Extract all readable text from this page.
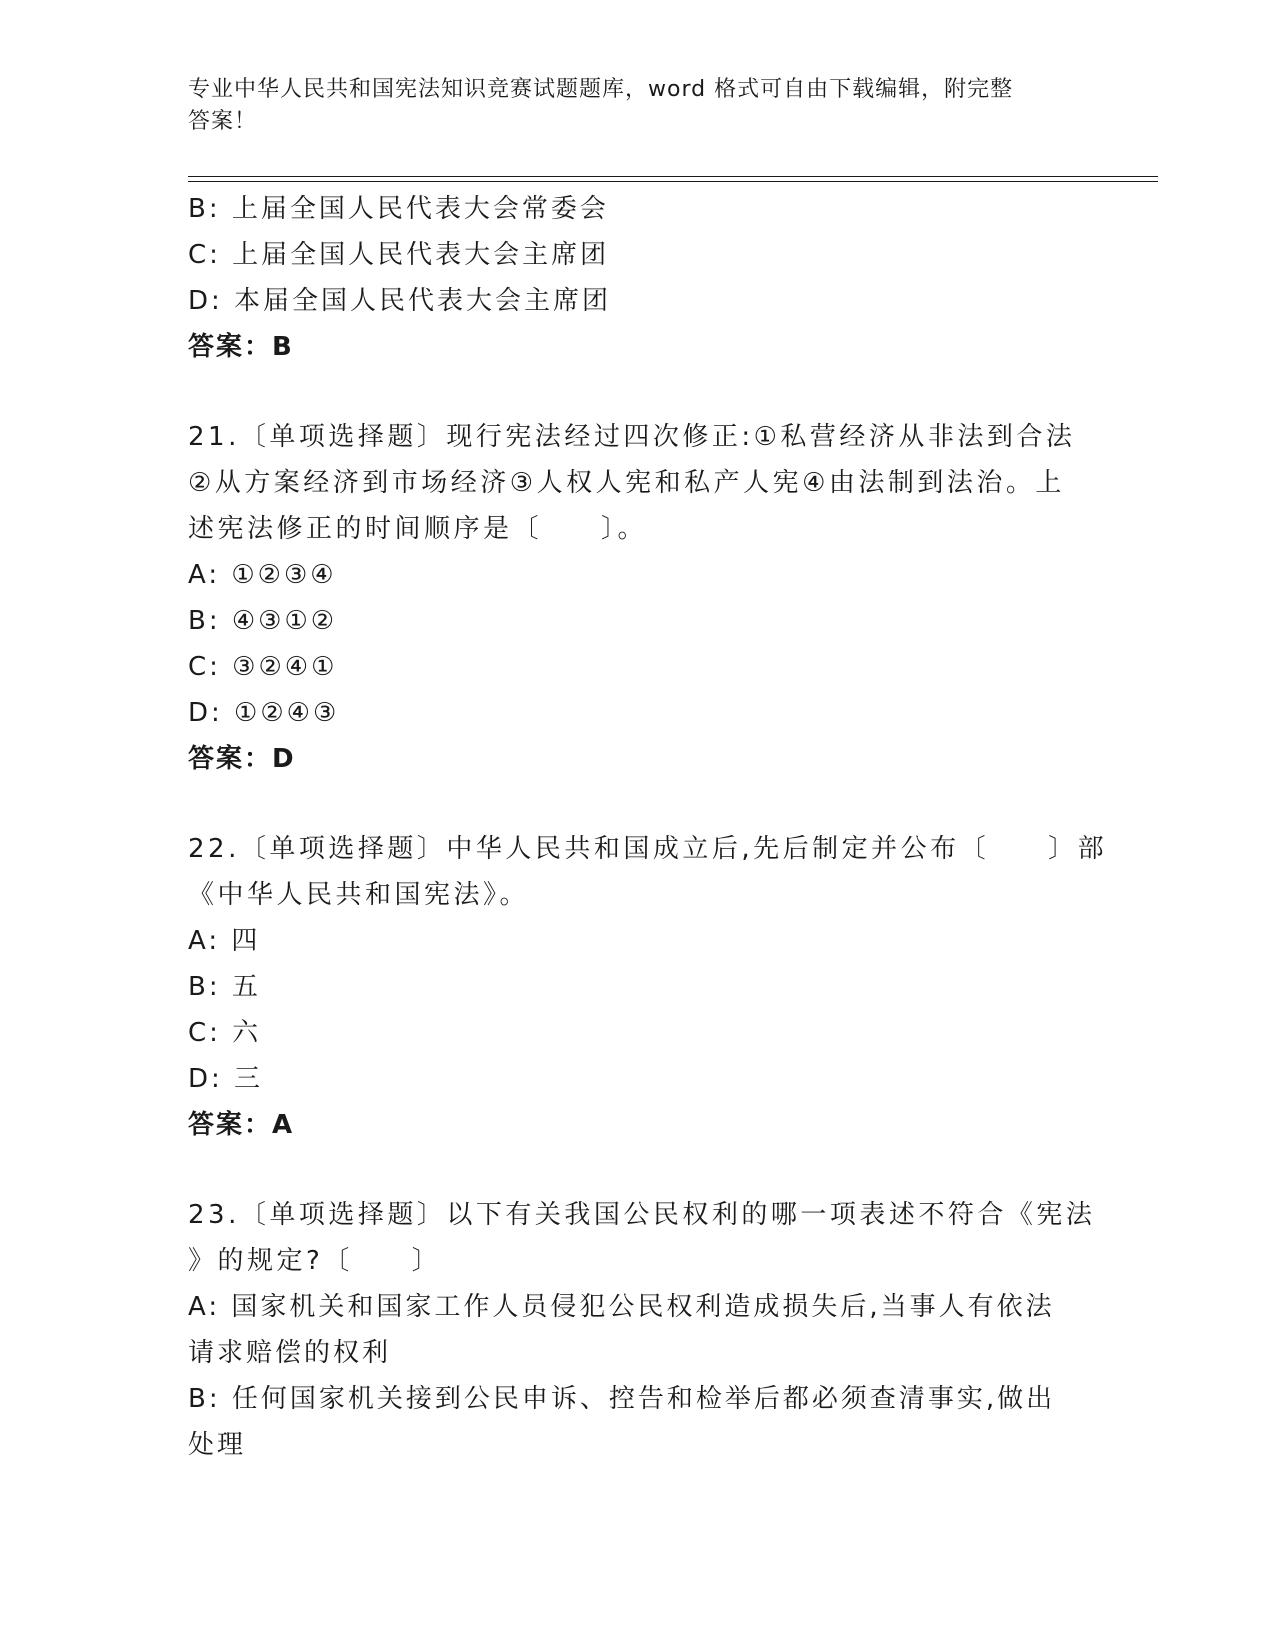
专业中华人民共和国宪法知识竞赛试题题库，word 格式可自由下载编辑，附完整
答案！
B: 上届全国人民代表大会常委会
C: 上届全国人民代表大会主席团
D: 本届全国人民代表大会主席团
答案：B
21.〔单项选择题〕现行宪法经过四次修正:①私营经济从非法到合法
②从方案经济到市场经济③人权人宪和私产人宪④由法制到法治。上
述宪法修正的时间顺序是〔　　〕。
A: ①②③④
B: ④③①②
C: ③②④①
D: ①②④③
答案：D
22.〔单项选择题〕中华人民共和国成立后,先后制定并公布〔　　〕部
《中华人民共和国宪法》。
A: 四
B: 五
C: 六
D: 三
答案：A
23.〔单项选择题〕以下有关我国公民权利的哪一项表述不符合《宪法
》的规定?〔　　〕
A: 国家机关和国家工作人员侵犯公民权利造成损失后,当事人有依法
请求赔偿的权利
B: 任何国家机关接到公民申诉、控告和检举后都必须查清事实,做出
处理
